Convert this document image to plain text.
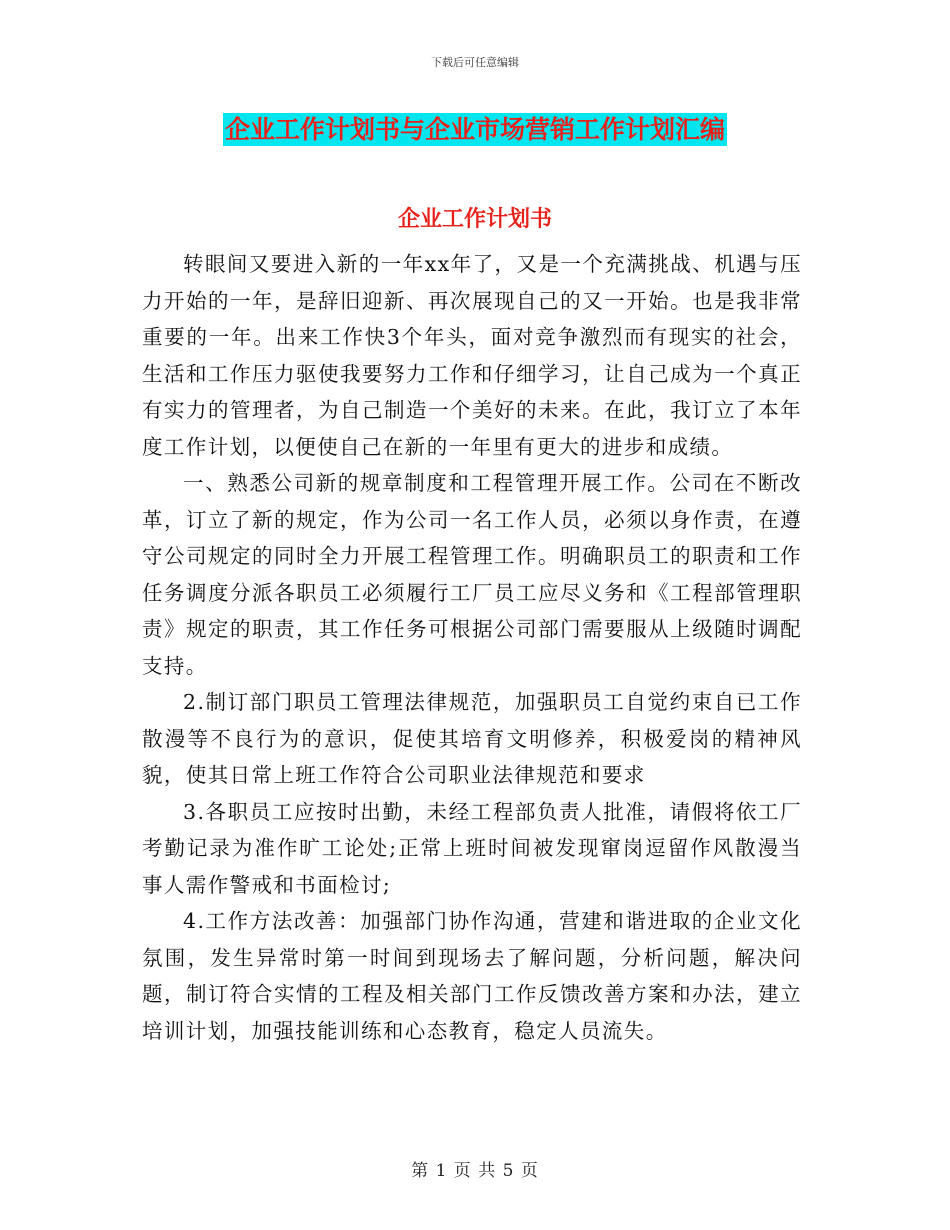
下载后可任意编辑
企业工作计划书与企业市场营销工作计划汇编
企业工作计划书

转眼间又要进入新的一年xx年了，又是一个充满挑战、机遇与压力开始的一年，是辞旧迎新、再次展现自己的又一开始。也是我非常重要的一年。出来工作快3个年头，面对竞争激烈而有现实的社会，生活和工作压力驱使我要努力工作和仔细学习，让自己成为一个真正有实力的管理者，为自己制造一个美好的未来。在此，我订立了本年度工作计划，以便使自己在新的一年里有更大的进步和成绩。

一、熟悉公司新的规章制度和工程管理开展工作。公司在不断改革，订立了新的规定，作为公司一名工作人员，必须以身作责，在遵守公司规定的同时全力开展工程管理工作。明确职员工的职责和工作任务调度分派各职员工必须履行工厂员工应尽义务和《工程部管理职责》规定的职责，其工作任务可根据公司部门需要服从上级随时调配支持。

2.制订部门职员工管理法律规范，加强职员工自觉约束自已工作散漫等不良行为的意识，促使其培育文明修养，积极爱岗的精神风貌，使其日常上班工作符合公司职业法律规范和要求

3.各职员工应按时出勤，未经工程部负责人批准，请假将依工厂考勤记录为准作旷工论处;正常上班时间被发现窜岗逗留作风散漫当事人需作警戒和书面检讨;

4.工作方法改善：加强部门协作沟通，营建和谐进取的企业文化氛围，发生异常时第一时间到现场去了解问题，分析问题，解决问题，制订符合实情的工程及相关部门工作反馈改善方案和办法，建立培训计划，加强技能训练和心态教育，稳定人员流失。

第 1 页 共 5 页
